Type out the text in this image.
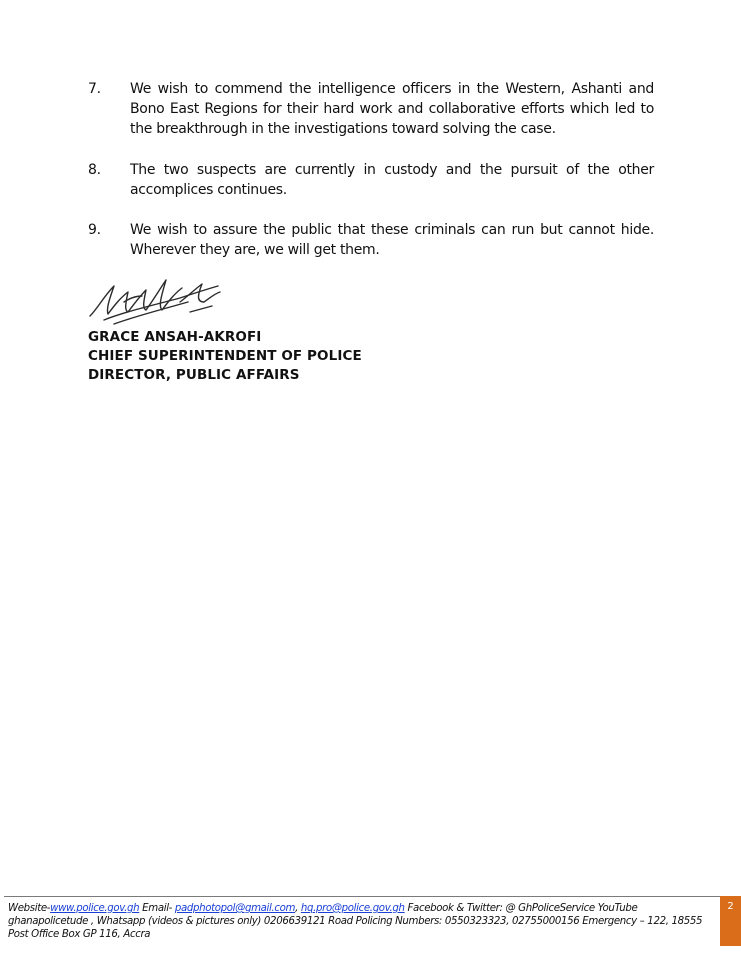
7.	We wish to commend the intelligence officers in the Western, Ashanti and Bono East Regions for their hard work and collaborative efforts which led to the breakthrough in the investigations toward solving the case.
8.	The two suspects are currently in custody and the pursuit of the other accomplices continues.
9.	We wish to assure the public that these criminals can run but cannot hide. Wherever they are, we will get them.
GRACE ANSAH-AKROFI
CHIEF SUPERINTENDENT OF POLICE
DIRECTOR, PUBLIC AFFAIRS
Website-www.police.gov.gh Email- padphotopol@gmail.com, hq.pro@police.gov.gh Facebook & Twitter: @ GhPoliceService YouTube
ghanapolicetude , Whatsapp (videos & pictures only) 0206639121 Road Policing Numbers: 0550323323, 02755000156 Emergency – 122, 18555
Post Office Box GP 116, Accra
2
